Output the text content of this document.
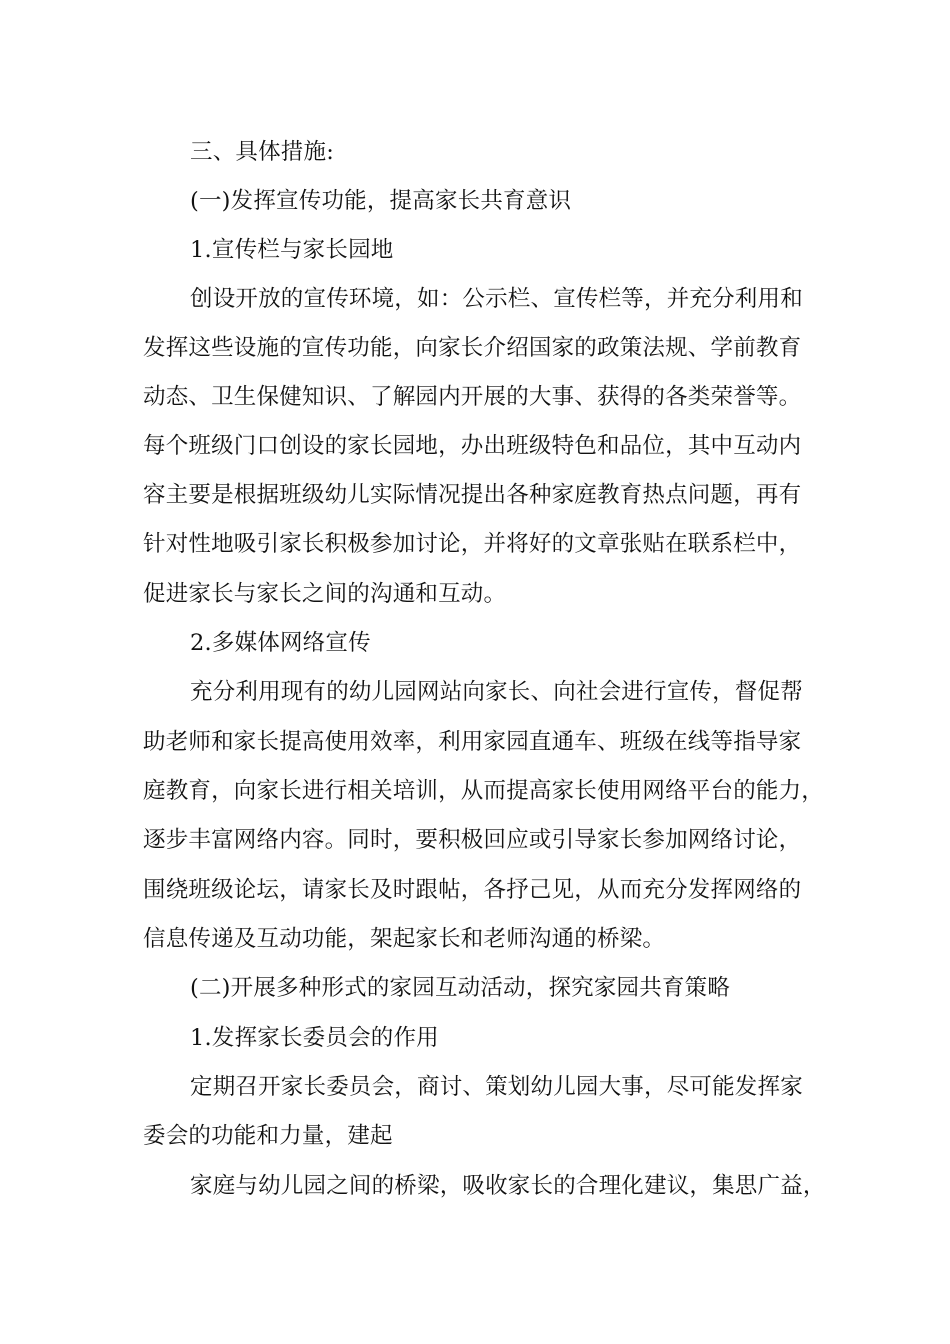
三、具体措施:
(一)发挥宣传功能，提高家长共育意识
1.宣传栏与家长园地
创设开放的宣传环境，如：公示栏、宣传栏等，并充分利用和
发挥这些设施的宣传功能，向家长介绍国家的政策法规、学前教育
动态、卫生保健知识、了解园内开展的大事、获得的各类荣誉等。
每个班级门口创设的家长园地，办出班级特色和品位，其中互动内
容主要是根据班级幼儿实际情况提出各种家庭教育热点问题，再有
针对性地吸引家长积极参加讨论，并将好的文章张贴在联系栏中，
促进家长与家长之间的沟通和互动。
2.多媒体网络宣传
充分利用现有的幼儿园网站向家长、向社会进行宣传，督促帮
助老师和家长提高使用效率，利用家园直通车、班级在线等指导家
庭教育，向家长进行相关培训，从而提高家长使用网络平台的能力，
逐步丰富网络内容。同时，要积极回应或引导家长参加网络讨论，
围绕班级论坛，请家长及时跟帖，各抒己见，从而充分发挥网络的
信息传递及互动功能，架起家长和老师沟通的桥梁。
(二)开展多种形式的家园互动活动，探究家园共育策略
1.发挥家长委员会的作用
定期召开家长委员会，商讨、策划幼儿园大事，尽可能发挥家
委会的功能和力量，建起
家庭与幼儿园之间的桥梁，吸收家长的合理化建议，集思广益，
